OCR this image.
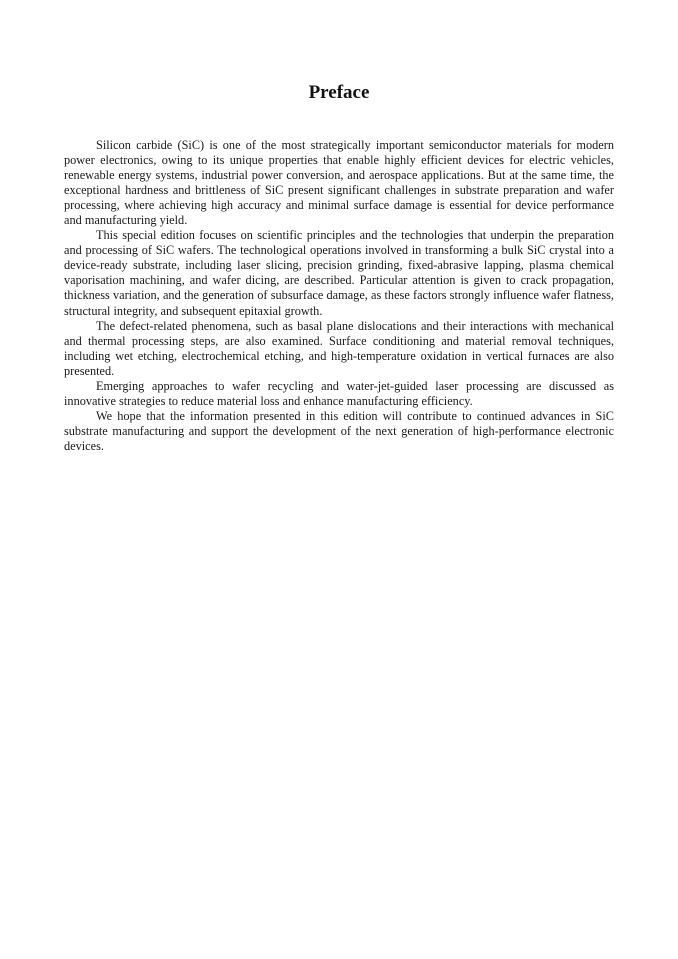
Preface

Silicon carbide (SiC) is one of the most strategically important semiconductor materials for modern power electronics, owing to its unique properties that enable highly efficient devices for electric vehicles, renewable energy systems, industrial power conversion, and aerospace applications. But at the same time, the exceptional hardness and brittleness of SiC present significant challenges in substrate preparation and wafer processing, where achieving high accuracy and minimal surface damage is essential for device performance and manufacturing yield.

This special edition focuses on scientific principles and the technologies that underpin the preparation and processing of SiC wafers. The technological operations involved in transforming a bulk SiC crystal into a device-ready substrate, including laser slicing, precision grinding, fixed-abrasive lapping, plasma chemical vaporisation machining, and wafer dicing, are described. Particular attention is given to crack propagation, thickness variation, and the generation of subsurface damage, as these factors strongly influence wafer flatness, structural integrity, and subsequent epitaxial growth.

The defect-related phenomena, such as basal plane dislocations and their interactions with mechanical and thermal processing steps, are also examined. Surface conditioning and material removal techniques, including wet etching, electrochemical etching, and high-temperature oxidation in vertical furnaces are also presented.

Emerging approaches to wafer recycling and water-jet-guided laser processing are discussed as innovative strategies to reduce material loss and enhance manufacturing efficiency.

We hope that the information presented in this edition will contribute to continued advances in SiC substrate manufacturing and support the development of the next generation of high-performance electronic devices.
